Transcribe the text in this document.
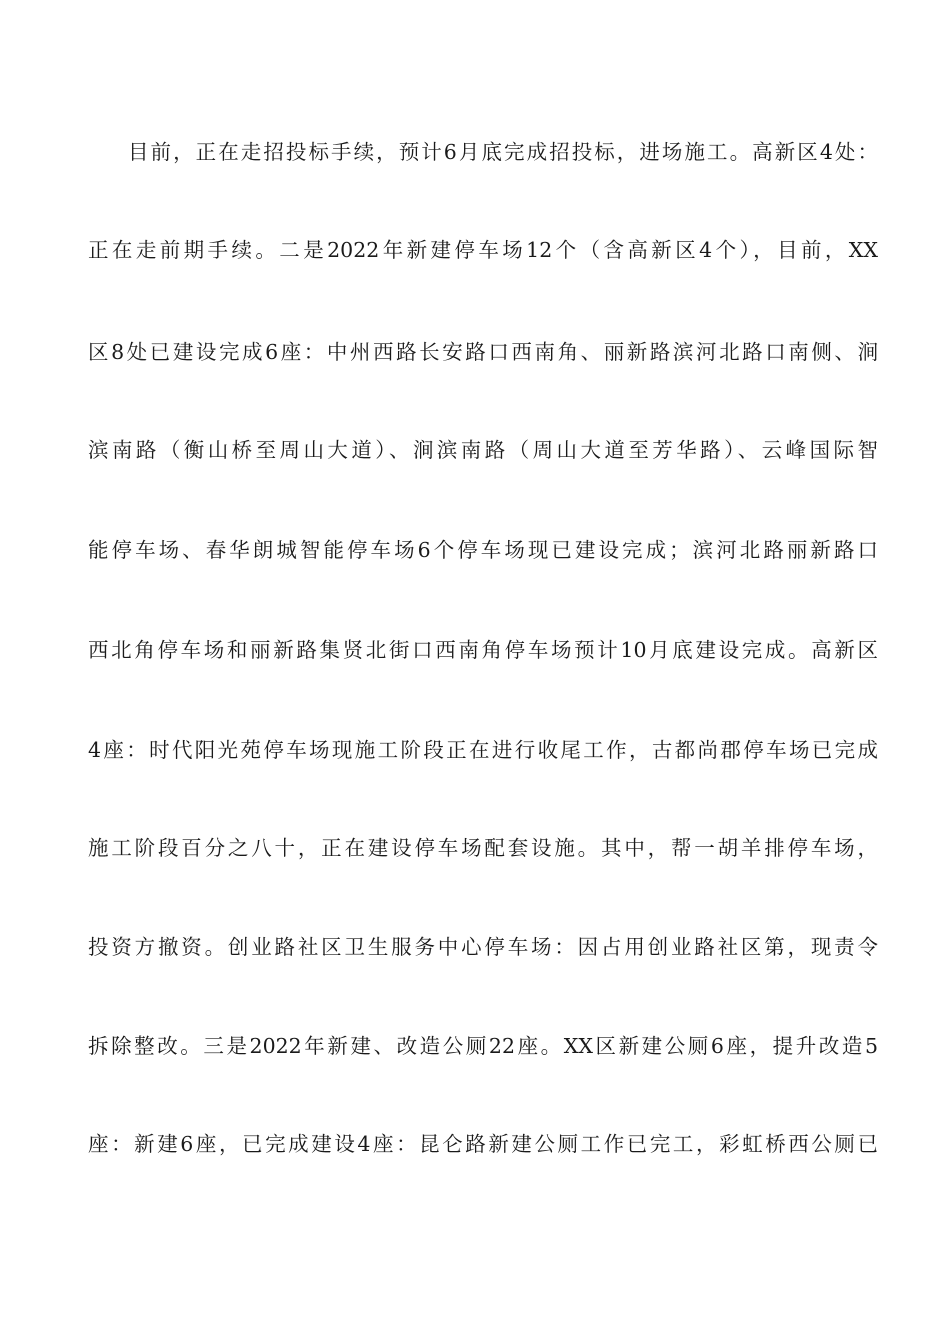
目前，正在走招投标手续，预计6月底完成招投标，进场施工。高新区4处：
正在走前期手续。二是2022年新建停车场12个（含高新区4个），目前，XX
区8处已建设完成6座：中州西路长安路口西南角、丽新路滨河北路口南侧、涧
滨南路（衡山桥至周山大道）、涧滨南路（周山大道至芳华路）、云峰国际智
能停车场、春华朗城智能停车场6个停车场现已建设完成；滨河北路丽新路口
西北角停车场和丽新路集贤北街口西南角停车场预计10月底建设完成。高新区
4座：时代阳光苑停车场现施工阶段正在进行收尾工作，古都尚郡停车场已完成
施工阶段百分之八十，正在建设停车场配套设施。其中，帮一胡羊排停车场，
投资方撤资。创业路社区卫生服务中心停车场：因占用创业路社区第，现责令
拆除整改。三是2022年新建、改造公厕22座。XX区新建公厕6座，提升改造5
座：新建6座，已完成建设4座：昆仑路新建公厕工作已完工，彩虹桥西公厕已
